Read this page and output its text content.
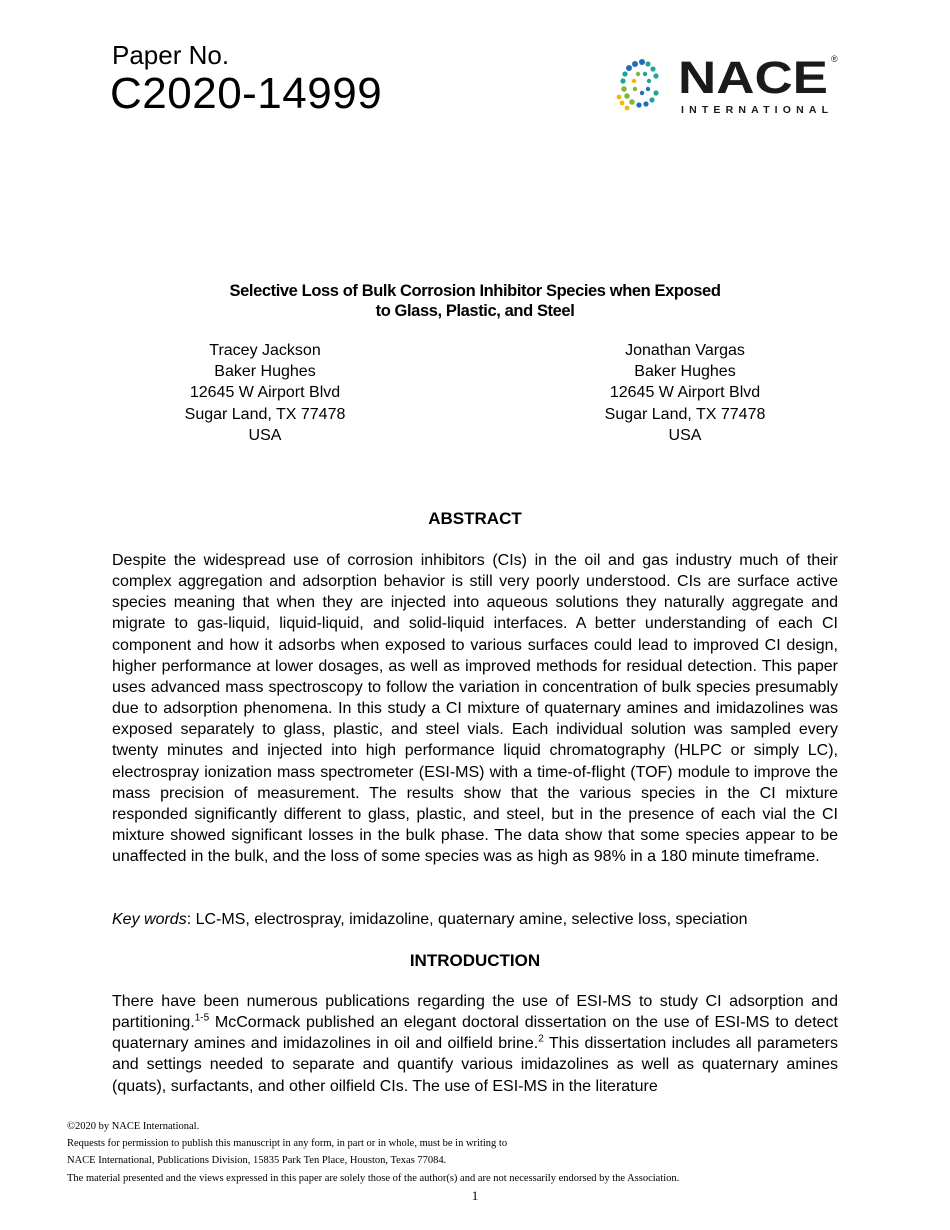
Paper No.
C2020-14999	NACE
INTERNATIONAL
®
Selective Loss of Bulk Corrosion Inhibitor Species when Exposed
to Glass, Plastic, and Steel
Tracey Jackson
Baker Hughes
12645 W Airport Blvd
Sugar Land, TX 77478
USA
Jonathan Vargas
Baker Hughes
12645 W Airport Blvd
Sugar Land, TX 77478
USA
ABSTRACT
Despite the widespread use of corrosion inhibitors (CIs) in the oil and gas industry much of their complex aggregation and adsorption behavior is still very poorly understood. CIs are surface active species meaning that when they are injected into aqueous solutions they naturally aggregate and migrate to gas-liquid, liquid-liquid, and solid-liquid interfaces. A better understanding of each CI component and how it adsorbs when exposed to various surfaces could lead to improved CI design, higher performance at lower dosages, as well as improved methods for residual detection. This paper uses advanced mass spectroscopy to follow the variation in concentration of bulk species presumably due to adsorption phenomena. In this study a CI mixture of quaternary amines and imidazolines was exposed separately to glass, plastic, and steel vials. Each individual solution was sampled every twenty minutes and injected into high performance liquid chromatography (HLPC or simply LC), electrospray ionization mass spectrometer (ESI-MS) with a time-of-flight (TOF) module to improve the mass precision of measurement. The results show that the various species in the CI mixture responded significantly different to glass, plastic, and steel, but in the presence of each vial the CI mixture showed significant losses in the bulk phase. The data show that some species appear to be unaffected in the bulk, and the loss of some species was as high as 98% in a 180 minute timeframe.
Key words: LC-MS, electrospray, imidazoline, quaternary amine, selective loss, speciation
INTRODUCTION
There have been numerous publications regarding the use of ESI-MS to study CI adsorption and partitioning.$^{1-5}$ McCormack published an elegant doctoral dissertation on the use of ESI-MS to detect quaternary amines and imidazolines in oil and oilfield brine.$^2$ This dissertation includes all parameters and settings needed to separate and quantify various imidazolines as well as quaternary amines (quats), surfactants, and other oilfield CIs. The use of ESI-MS in the literature
©2020 by NACE International.
Requests for permission to publish this manuscript in any form, in part or in whole, must be in writing to
NACE International, Publications Division, 15835 Park Ten Place, Houston, Texas 77084.
The material presented and the views expressed in this paper are solely those of the author(s) and are not necessarily endorsed by the Association.
1
